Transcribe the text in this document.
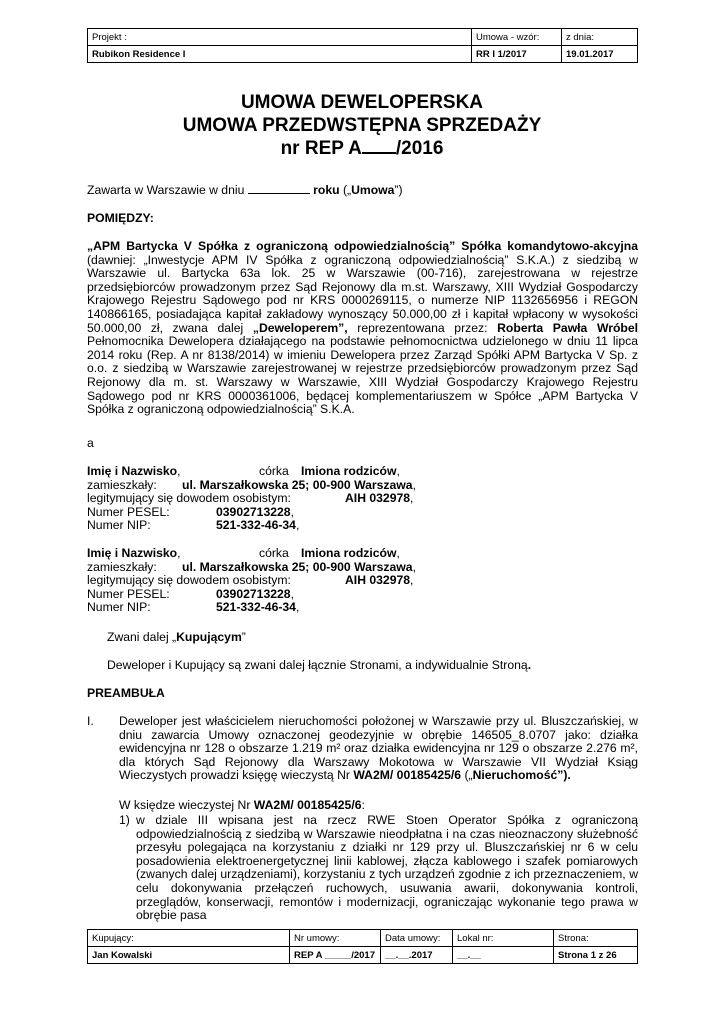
Projekt :	Umowa - wzór:	z dnia:
Rubikon Residence I	RR I 1/2017	19.01.2017
UMOWA DEWELOPERSKA
UMOWA PRZEDWSTĘPNA SPRZEDAŻY
nr REP A /2016
Zawarta w Warszawie w dniu	roku („Umowa”)
POMIĘDZY:
„APM Bartycka V Spółka z ograniczoną odpowiedzialnością” Spółka komandytowo-akcyjna (dawniej: „Inwestycje APM IV Spółka z ograniczoną odpowiedzialnością” S.K.A.) z siedzibą w Warszawie ul. Bartycka 63a lok. 25 w Warszawie (00-716), zarejestrowana w rejestrze przedsiębiorców prowadzonym przez Sąd Rejonowy dla m.st. Warszawy, XIII Wydział Gospodarczy Krajowego Rejestru Sądowego pod nr KRS 0000269115, o numerze NIP 1132656956 i REGON 140866165, posiadająca kapitał zakładowy wynoszący 50.000,00 zł i kapitał wpłacony w wysokości 50.000,00 zł, zwana dalej „Deweloperem”, reprezentowana przez: Roberta Pawła Wróbel Pełnomocnika Dewelopera działającego na podstawie pełnomocnictwa udzielonego w dniu 11 lipca 2014 roku (Rep. A nr 8138/2014) w imieniu Dewelopera przez Zarząd Spółki APM Bartycka V Sp. z o.o. z siedzibą w Warszawie zarejestrowanej w rejestrze przedsiębiorców prowadzonym przez Sąd Rejonowy dla m. st. Warszawy w Warszawie, XIII Wydział Gospodarczy Krajowego Rejestru Sądowego pod nr KRS 0000361006, będącej komplementariuszem w Spółce „APM Bartycka V Spółka z ograniczoną odpowiedzialnością” S.K.A.
a
Imię i Nazwisko,	córka Imiona rodziców,
zamieszkały: ul. Marszałkowska 25; 00-900 Warszawa,
legitymujący się dowodem osobistym:	AIH 032978,
Numer PESEL:	03902713228,
Numer NIP:	521-332-46-34,
Imię i Nazwisko,	córka Imiona rodziców,
zamieszkały: ul. Marszałkowska 25; 00-900 Warszawa,
legitymujący się dowodem osobistym:	AIH 032978,
Numer PESEL:	03902713228,
Numer NIP:	521-332-46-34,
Zwani dalej „Kupującym”
Deweloper i Kupujący są zwani dalej łącznie Stronami, a indywidualnie Stroną.
PREAMBUŁA
I. Deweloper jest właścicielem nieruchomości położonej w Warszawie przy ul. Bluszczańskiej, w dniu zawarcia Umowy oznaczonej geodezyjnie w obrębie 146505_8.0707 jako: działka ewidencyjna nr 128 o obszarze 1.219 m² oraz działka ewidencyjna nr 129 o obszarze 2.276 m², dla których Sąd Rejonowy dla Warszawy Mokotowa w Warszawie VII Wydział Ksiąg Wieczystych prowadzi księgę wieczystą Nr WA2M/ 00185425/6 („Nieruchomość”).
W księdze wieczystej Nr WA2M/ 00185425/6:
1) w dziale III wpisana jest na rzecz RWE Stoen Operator Spółka z ograniczoną odpowiedzialnością z siedzibą w Warszawie nieodpłatna i na czas nieoznaczony służebność przesyłu polegająca na korzystaniu z działki nr 129 przy ul. Bluszczańskiej nr 6 w celu posadowienia elektroenergetycznej linii kablowej, złącza kablowego i szafek pomiarowych (zwanych dalej urządzeniami), korzystaniu z tych urządzeń zgodnie z ich przeznaczeniem, w celu dokonywania przełączeń ruchowych, usuwania awarii, dokonywania kontroli, przeglądów, konserwacji, remontów i modernizacji, ograniczając wykonanie tego prawa w obrębie pasa
Kupujący:	Nr umowy:	Data umowy:	Lokal nr:	Strona:
Jan Kowalski	REP A _____/2017	__.__.2017	__.__	Strona 1 z 26
